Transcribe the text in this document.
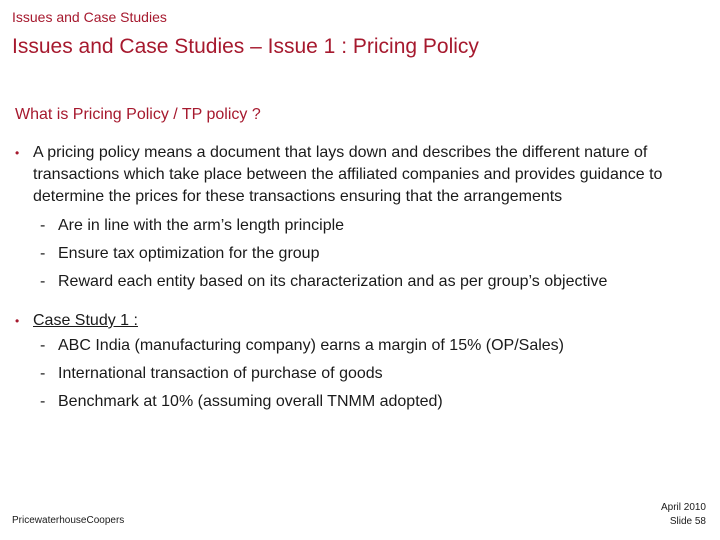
Issues and Case Studies
Issues and Case Studies – Issue 1 : Pricing Policy
What is Pricing Policy / TP policy ?
• A pricing policy means a document that lays down and describes the different nature of transactions which take place between the affiliated companies and provides guidance to determine the prices for these transactions ensuring that the arrangements
- Are in line with the arm’s length principle
- Ensure tax optimization for the group
- Reward each entity based on its characterization and as per group’s objective
• Case Study 1 :
- ABC India (manufacturing company) earns a margin of 15% (OP/Sales)
- International transaction of purchase of goods
- Benchmark at 10% (assuming overall TNMM adopted)
PricewaterhouseCoopers
April 2010
Slide 58
